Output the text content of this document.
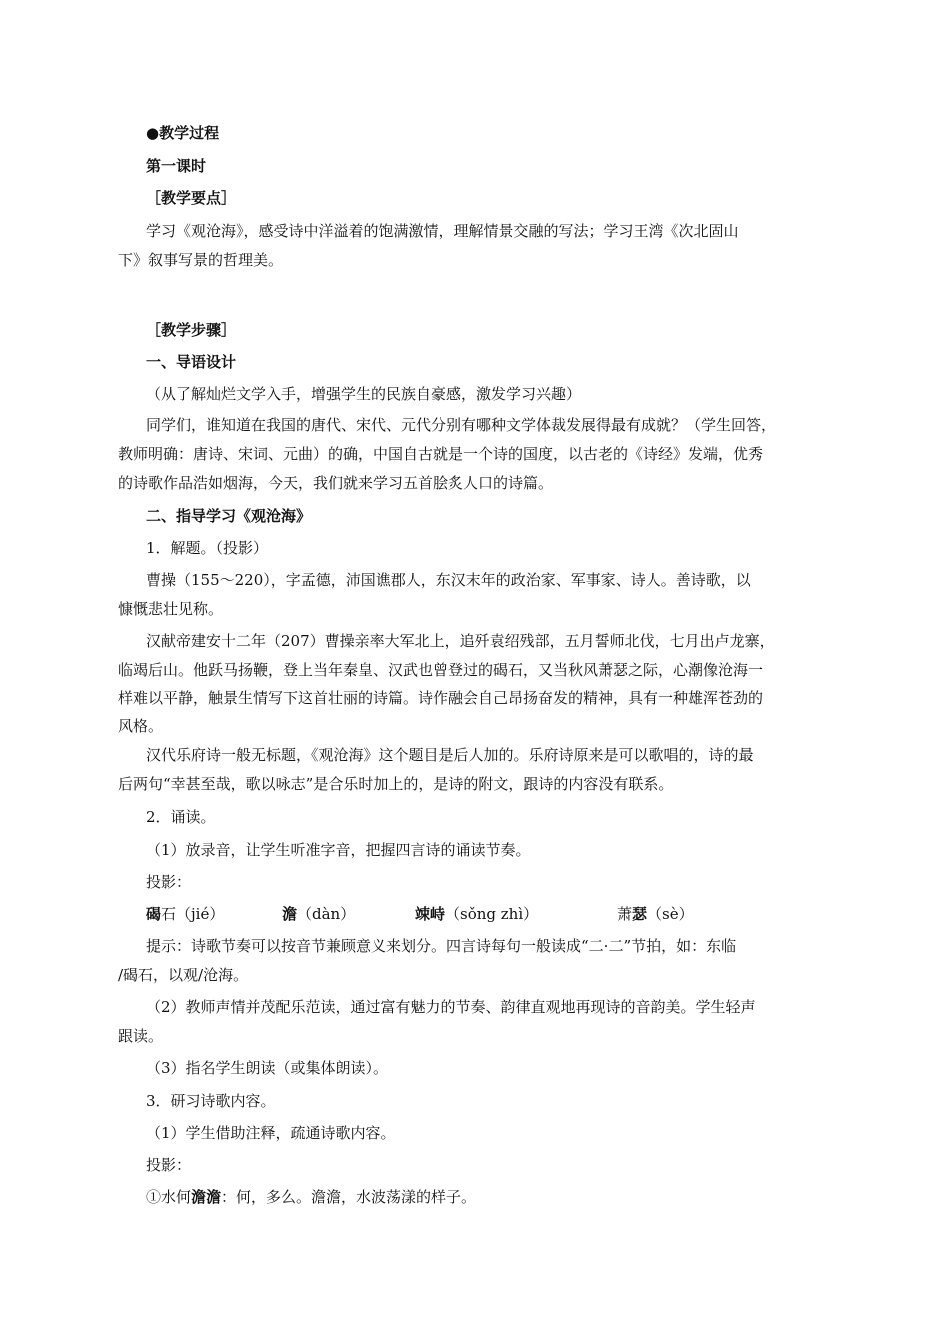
●教学过程
第一课时
［教学要点］
学习《观沧海》，感受诗中洋溢着的饱满激情，理解情景交融的写法；学习王湾《次北固山
下》叙事写景的哲理美。
［教学步骤］
一、导语设计
（从了解灿烂文学入手，增强学生的民族自豪感，激发学习兴趣）
同学们，谁知道在我国的唐代、宋代、元代分别有哪种文学体裁发展得最有成就？（学生回答，
教师明确：唐诗、宋词、元曲）的确，中国自古就是一个诗的国度，以古老的《诗经》发端，优秀
的诗歌作品浩如烟海，今天，我们就来学习五首脍炙人口的诗篇。
二、指导学习《观沧海》
1．解题。（投影）
曹操（155～220），字孟德，沛国谯郡人，东汉末年的政治家、军事家、诗人。善诗歌，以
慷慨悲壮见称。
汉献帝建安十二年（207）曹操亲率大军北上，追歼袁绍残部，五月誓师北伐，七月出卢龙寨，
临竭后山。他跃马扬鞭，登上当年秦皇、汉武也曾登过的碣石，又当秋风萧瑟之际，心潮像沧海一
样难以平静，触景生情写下这首壮丽的诗篇。诗作融会自己昂扬奋发的精神，具有一种雄浑苍劲的
风格。
汉代乐府诗一般无标题，《观沧海》这个题目是后人加的。乐府诗原来是可以歌唱的，诗的最
后两句“幸甚至哉，歌以咏志”是合乐时加上的，是诗的附文，跟诗的内容没有联系。
2．诵读。
（1）放录音，让学生听准字音，把握四言诗的诵读节奏。
投影：
碣石（jié）	澹（dàn）	竦峙（sǒng zhì）	萧瑟（sè）
提示：诗歌节奏可以按音节兼顾意义来划分。四言诗每句一般读成“二·二”节拍，如：东临
/碣石，以观/沧海。
（2）教师声情并茂配乐范读，通过富有魅力的节奏、韵律直观地再现诗的音韵美。学生轻声
跟读。
（3）指名学生朗读（或集体朗读）。
3．研习诗歌内容。
（1）学生借助注释，疏通诗歌内容。
投影：
①水何澹澹：何，多么。澹澹，水波荡漾的样子。
